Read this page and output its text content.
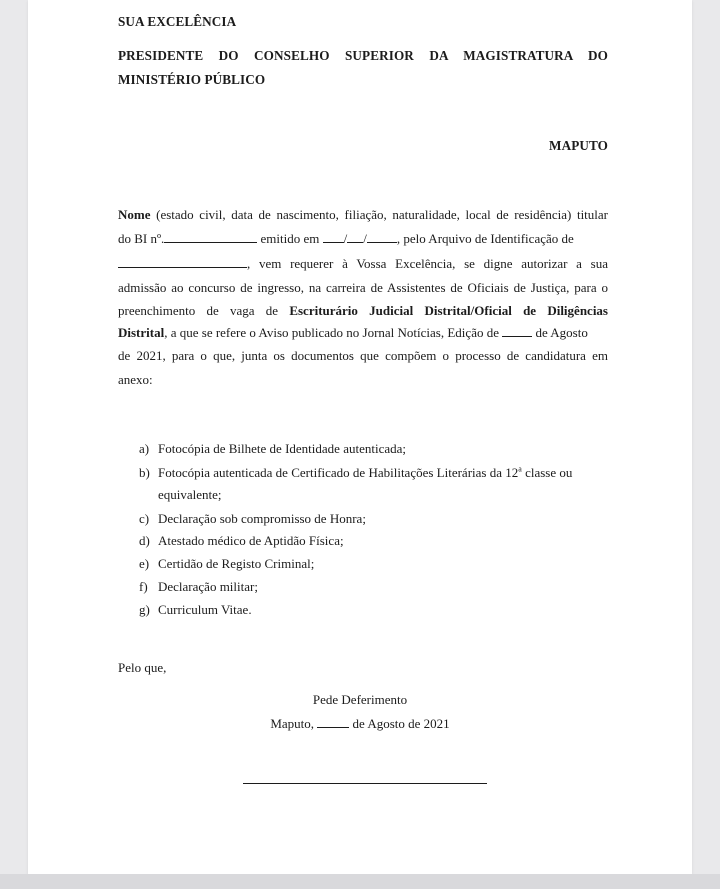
SUA EXCELÊNCIA
PRESIDENTE DO CONSELHO SUPERIOR DA MAGISTRATURA DO
MINISTÉRIO PÚBLICO
MAPUTO
Nome (estado civil, data de nascimento, filiação, naturalidade, local de residência) titular
do BI nº.	emitido em / / , pelo Arquivo de Identificação de
, vem requerer à Vossa Excelência, se digne autorizar a sua
admissão ao concurso de ingresso, na carreira de Assistentes de Oficiais de Justiça, para o
preenchimento de vaga de Escriturário Judicial Distrital/Oficial de Diligências
Distrital, a que se refere o Aviso publicado no Jornal Notícias, Edição de  de Agosto
de 2021, para o que, junta os documentos que compõem o processo de candidatura em
anexo:
a) Fotocópia de Bilhete de Identidade autenticada;
b) Fotocópia autenticada de Certificado de Habilitações Literárias da 12$^a$ classe ou
equivalente;
c) Declaração sob compromisso de Honra;
d) Atestado médico de Aptidão Física;
e) Certidão de Registo Criminal;
f) Declaração militar;
g) Curriculum Vitae.
Pelo que,
Pede Deferimento
Maputo,  de Agosto de 2021
